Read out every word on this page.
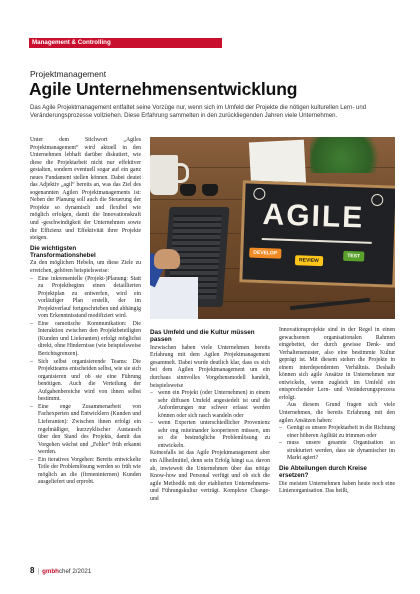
Management & Controlling
Projektmanagement
Agile Unternehmensentwicklung
Das Agile Projektmanagement entfaltet seine Vorzüge nur, wenn sich im Umfeld der Projekte die nötigen kulturellen Lern- und Veränderungsprozesse vollziehen. Diese Erfahrung sammelten in den zurückliegenden Jahren viele Unternehmen.

Unter dem Stichwort „Agiles Projektmanagement“ wird aktuell in den Unternehmen lebhaft darüber diskutiert, wie diese die Projektarbeit nicht nur effektiver gestalten, sondern eventuell sogar auf ein ganz neues Fundament stellen können. Dabei deutet das Adjektiv „agil“ bereits an, was das Ziel des sogenannten Agilen Projektmanagements ist: Neben der Planung soll auch die Steuerung der Projekte so dynamisch und flexibel wie möglich erfolgen, damit die Innovationskraft und -geschwindigkeit der Unternehmen sowie die Effizienz und Effektivität ihrer Projekte steigen.

Die wichtigsten Transformationshebel

Zu den möglichen Hebeln, um diese Ziele zu erreichen, gehören beispielsweise:

– Eine inkrementelle (Projekt-)Planung: Statt zu Projektbeginn einen detaillierten Projektplan zu entwerfen, wird ein vorläufiger Plan erstellt, der im Projektverlauf fortgeschrieben und abhängig vom Erkenntnisstand modifiziert wird.
– Eine osmotische Kommunikation: Die Interaktion zwischen den Projektbeteiligten (Kunden und Lieferanten) erfolgt möglichst direkt, ohne Hindernisse (wie beispielsweise Berichtsgrenzen).
– Sich selbst organisierende Teams: Die Projektteams entscheiden selbst, wie sie sich organisieren und ob sie eine Führung benötigen. Auch die Verteilung der Aufgabenbereiche wird von ihnen selbst bestimmt.
– Eine enge Zusammenarbeit von Fachexperten und Entwicklern (Kunden und Lieferanten): Zwischen ihnen erfolgt ein regelmäßiger, kurzzyklischer Austausch über den Stand des Projekts, damit das Vorgehen wächst und „Fehler“ früh erkannt werden.
– Ein iteratives Vorgehen: Bereits entwickelte Teile der Problemlösung werden so früh wie möglich an die (firmeninternen) Kunden ausgeliefert und erprobt.
AGILE
DEVELOP
REVIEW
TEST
Das Umfeld und die Kultur müssen passen

Inzwischen haben viele Unternehmen bereits Erfahrung mit dem Agilen Projektmanagement gesammelt. Dabei wurde deutlich klar, dass es sich bei dem Agilen Projektmanagement um ein durchaus sinnvolles Vorgehensmodell handelt, beispielsweise

– wenn ein Projekt (oder Unternehmen) in einem sehr diffusen Umfeld angesiedelt ist und die Anforderungen nur schwer erfasst werden können oder sich rasch wandeln oder
– wenn Experten unterschiedlicher Provenienz sehr eng miteinander kooperieren müssen, um so die bestmögliche Problemlösung zu entwickeln.

Keinesfalls ist das Agile Projektmanagement aber ein Allheilmittel, denn sein Erfolg hängt u.a. davon ab, inwieweit die Unternehmen über das nötige Know-how und Personal verfügt und ob sich die agile Methodik mit der etablierten Unternehmens- und Führungskultur verträgt. Komplexe Change- und

Innovationsprojekte sind in der Regel in einen gewachsenen organisationalen Rahmen eingebettet, der durch gewisse Denk- und Verhaltensmuster, also eine bestimmte Kultur geprägt ist. Mit diesem stehen die Projekte in einem interdependenten Verhältnis. Deshalb können sich agile Ansätze in Unternehmen nur entwickeln, wenn zugleich im Umfeld ein entsprechender Lern- und Veränderungsprozess erfolgt.

Aus diesem Grund fragen sich viele Unternehmen, die bereits Erfahrung mit den agilen Ansätzen haben:

– Genügt es unsere Projektarbeit in die Richtung einer höheren Agilität zu trimmen oder
– muss unsere gesamte Organisation so strukturiert werden, dass sie dynamischer im Markt agiert?
Die Abteilungen durch Kreise ersetzen?

Die meisten Unternehmen haben heute noch eine Linienorganisation. Das heißt,

8 | gmbhchef 2/2021
